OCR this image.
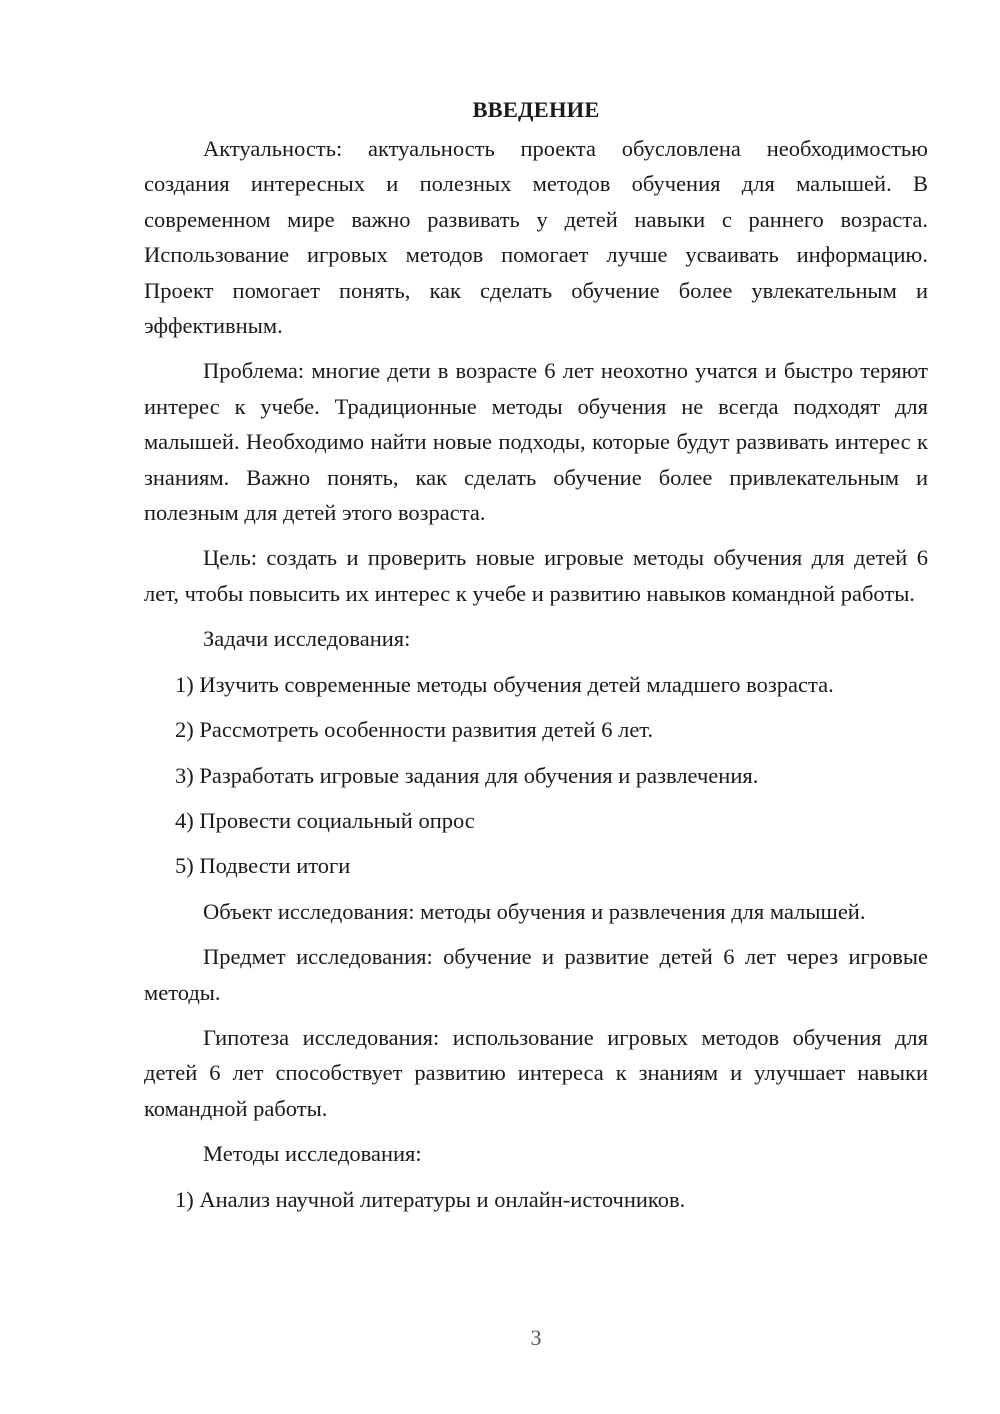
ВВЕДЕНИЕ

Актуальность: актуальность проекта обусловлена необходимостью создания интересных и полезных методов обучения для малышей. В современном мире важно развивать у детей навыки с раннего возраста. Использование игровых методов помогает лучше усваивать информацию. Проект помогает понять, как сделать обучение более увлекательным и эффективным.

Проблема: многие дети в возрасте 6 лет неохотно учатся и быстро теряют интерес к учебе. Традиционные методы обучения не всегда подходят для малышей. Необходимо найти новые подходы, которые будут развивать интерес к знаниям. Важно понять, как сделать обучение более привлекательным и полезным для детей этого возраста.

Цель: создать и проверить новые игровые методы обучения для детей 6 лет, чтобы повысить их интерес к учебе и развитию навыков командной работы.

Задачи исследования:
1) Изучить современные методы обучения детей младшего возраста.
2) Рассмотреть особенности развития детей 6 лет.
3) Разработать игровые задания для обучения и развлечения.
4) Провести социальный опрос
5) Подвести итоги

Объект исследования: методы обучения и развлечения для малышей.

Предмет исследования: обучение и развитие детей 6 лет через игровые методы.

Гипотеза исследования: использование игровых методов обучения для детей 6 лет способствует развитию интереса к знаниям и улучшает навыки командной работы.

Методы исследования:
1) Анализ научной литературы и онлайн-источников.
3
